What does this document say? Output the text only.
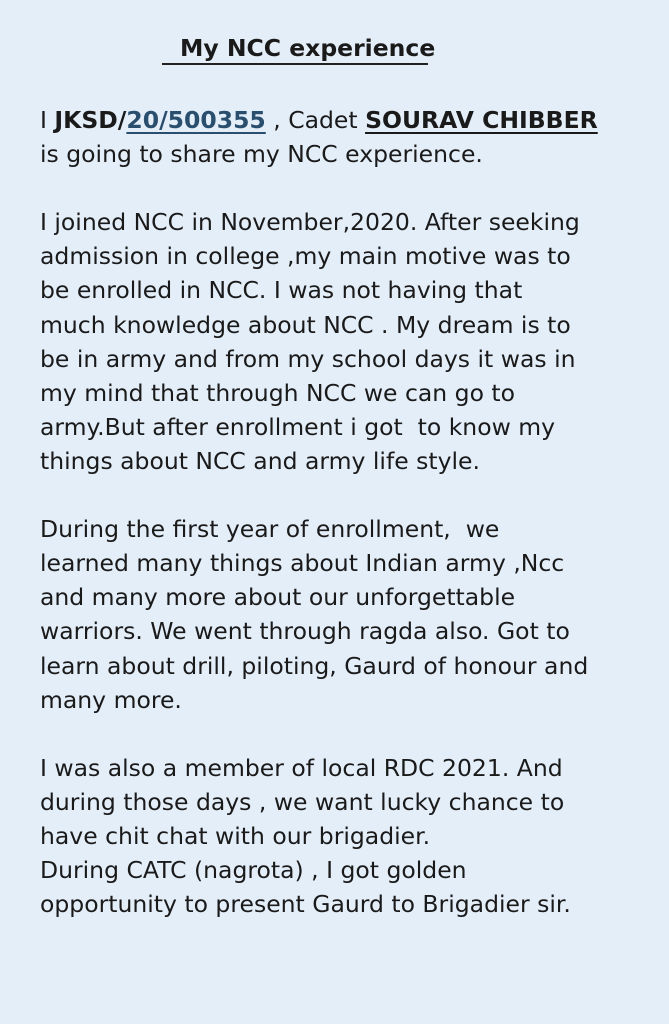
My NCC experience
I JKSD/20/500355 , Cadet SOURAV CHIBBER
is going to share my NCC experience.
I joined NCC in November,2020. After seeking
admission in college ,my main motive was to
be enrolled in NCC. I was not having that
much knowledge about NCC . My dream is to
be in army and from my school days it was in
my mind that through NCC we can go to
army.But after enrollment i got  to know my
things about NCC and army life style.
During the first year of enrollment,  we
learned many things about Indian army ,Ncc
and many more about our unforgettable
warriors. We went through ragda also. Got to
learn about drill, piloting, Gaurd of honour and
many more.
I was also a member of local RDC 2021. And
during those days , we want lucky chance to
have chit chat with our brigadier.
During CATC (nagrota) , I got golden
opportunity to present Gaurd to Brigadier sir.
